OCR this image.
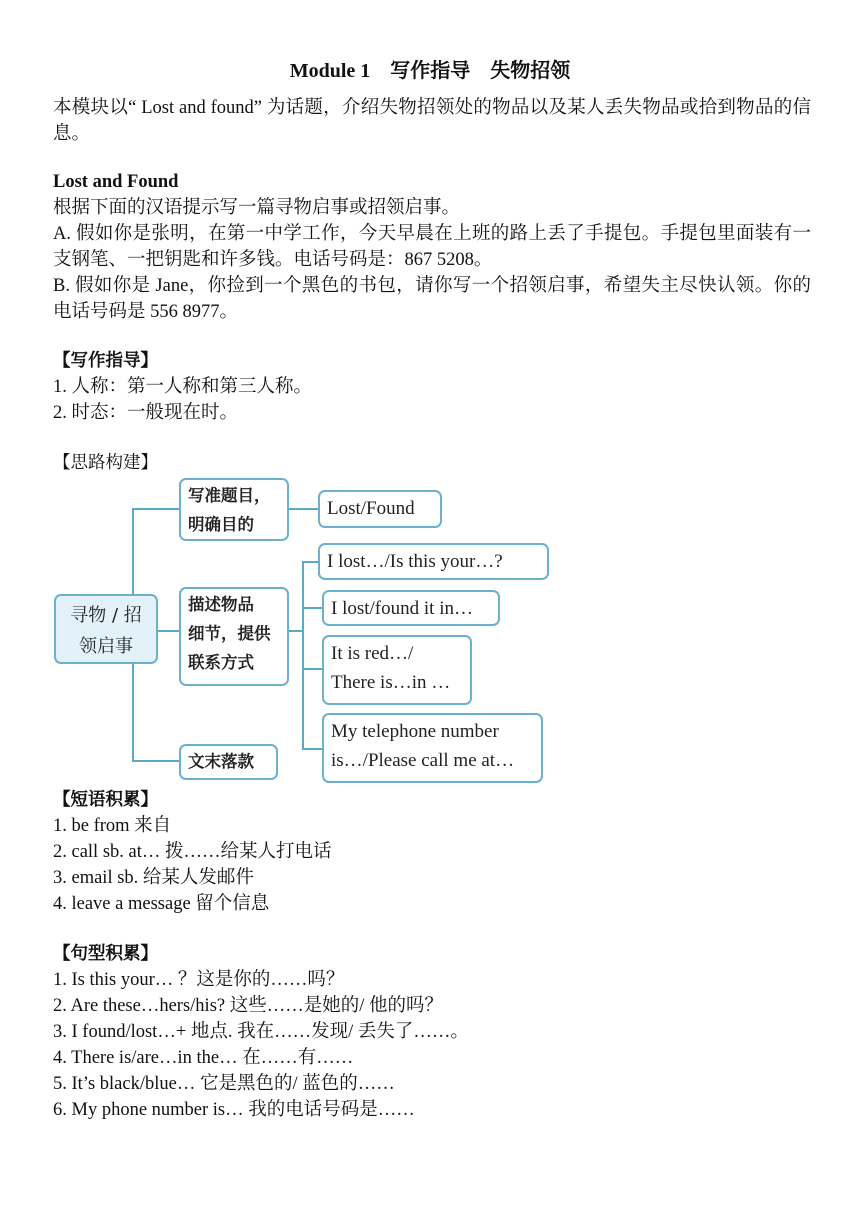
Module 1    写作指导    失物招领
本模块以“ Lost and found” 为话题，介绍失物招领处的物品以及某人丢失物品或拾到物品的信息。
Lost and Found
根据下面的汉语提示写一篇寻物启事或招领启事。
A. 假如你是张明，在第一中学工作，今天早晨在上班的路上丢了手提包。手提包里面装有一支钢笔、一把钥匙和许多钱。电话号码是：867 5208。
B. 假如你是 Jane，你捡到一个黑色的书包，请你写一个招领启事，希望失主尽快认领。你的电话号码是 556 8977。
【写作指导】
1. 人称：第一人称和第三人称。
2. 时态：一般现在时。
【思路构建】
寻物 / 招
领启事
写准题目，
明确目的
Lost/Found
描述物品
细节，提供
联系方式
I lost…/Is this your…?
I lost/found it in…
It is red…/
There is…in …
My telephone number
is…/Please call me at…
文末落款
【短语积累】
1. be from 来自
2. call sb. at… 拨……给某人打电话
3. email sb. 给某人发邮件
4. leave a message 留个信息
【句型积累】
1. Is this your… ？这是你的……吗？
2. Are these…hers/his? 这些……是她的/ 他的吗？
3. I found/lost…+ 地点. 我在……发现/ 丢失了……。
4. There is/are…in the… 在……有……
5. It’s black/blue… 它是黑色的/ 蓝色的……
6. My phone number is… 我的电话号码是……
